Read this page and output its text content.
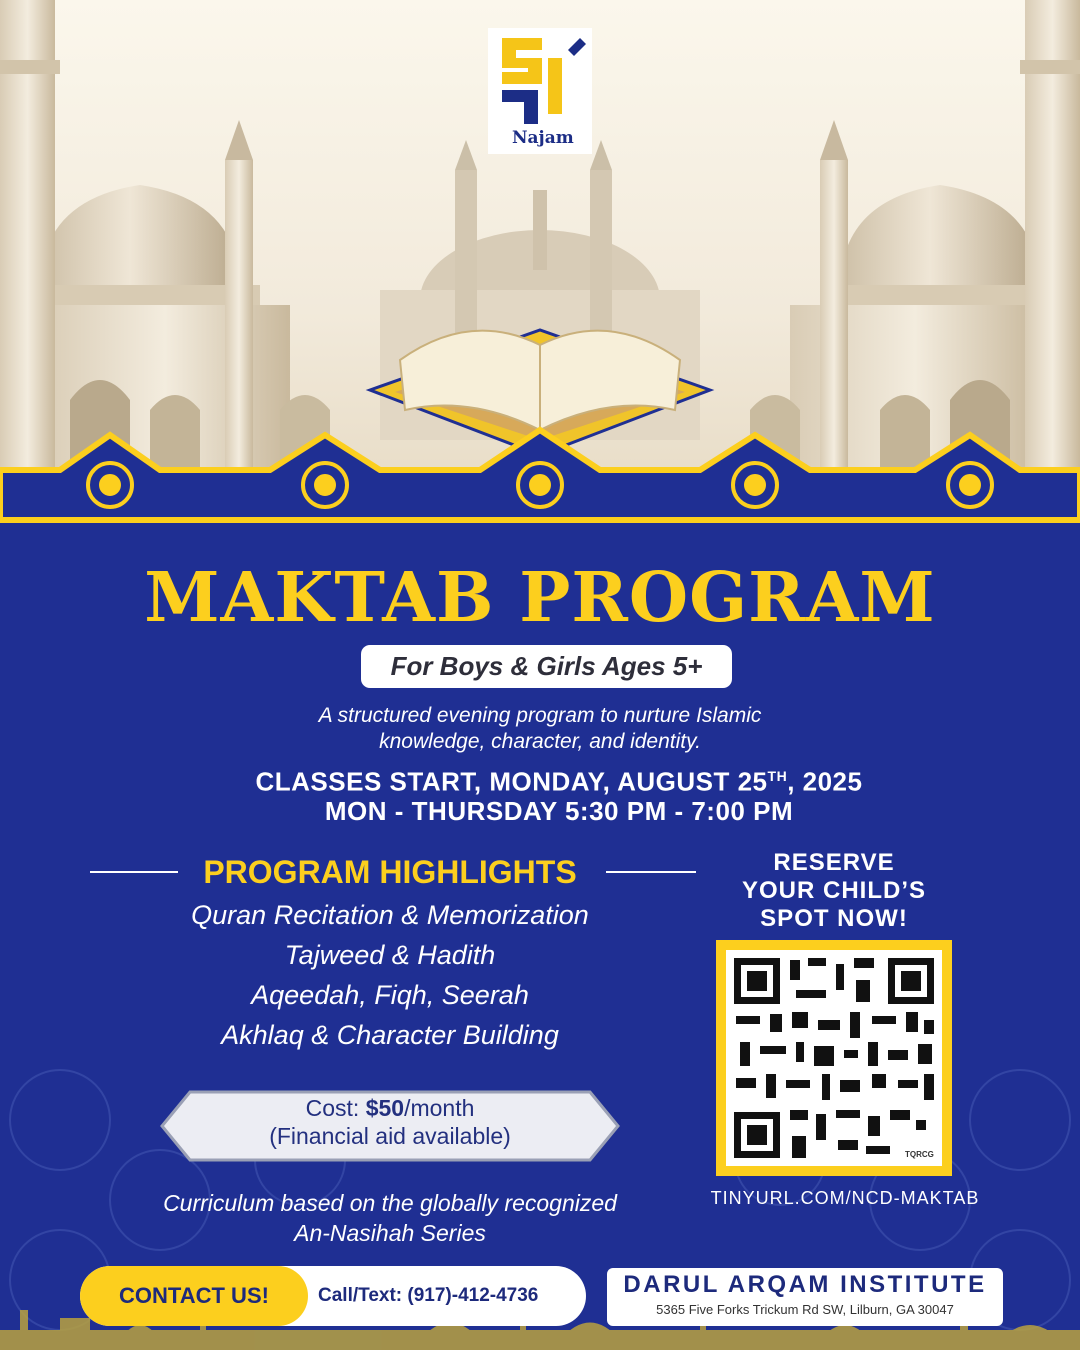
Najam
MAKTAB PROGRAM
For Boys & Girls Ages 5+
A structured evening program to nurture Islamic
knowledge, character, and identity.
CLASSES START, MONDAY, AUGUST 25TH, 2025
MON - THURSDAY 5:30 PM - 7:00 PM
PROGRAM HIGHLIGHTS
Quran Recitation & Memorization
Tajweed & Hadith
Aqeedah, Fiqh, Seerah
Akhlaq & Character Building
Cost: $50/month
(Financial aid available)
Curriculum based on the globally recognized
An-Nasihah Series
RESERVE
YOUR CHILD’S
SPOT NOW!
TQRCG
TINYURL.COM/NCD-MAKTAB
CONTACT US!	Call/Text: (917)-412-4736	DARUL ARQAM INSTITUTE
5365 Five Forks Trickum Rd SW, Lilburn, GA 30047
